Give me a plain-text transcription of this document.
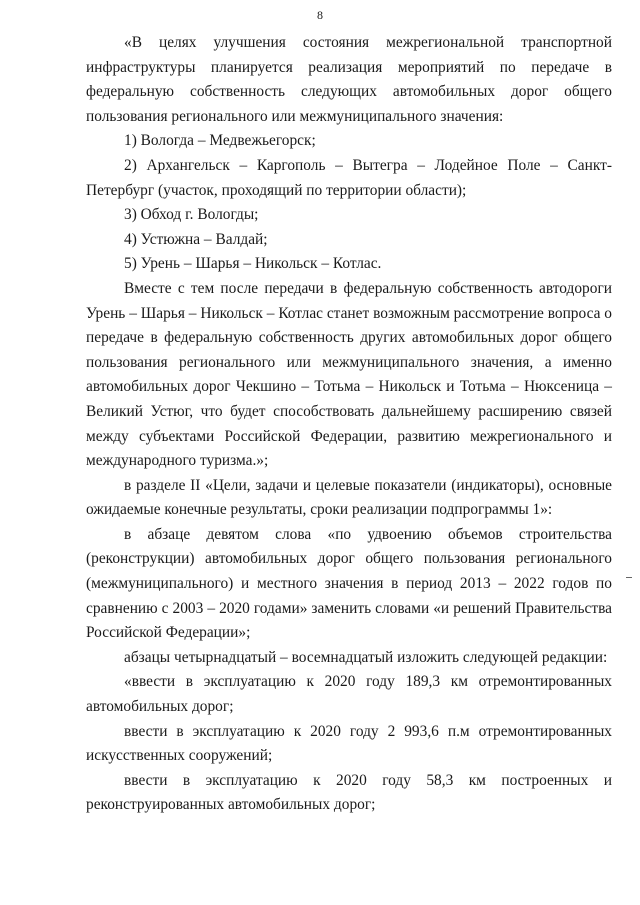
8

«В целях улучшения состояния межрегиональной транспортной инфраструктуры планируется реализация мероприятий по передаче в федеральную собственность следующих автомобильных дорог общего пользования регионального или межмуниципального значения:

1) Вологда – Медвежьегорск;

2) Архангельск – Каргополь – Вытегра – Лодейное Поле – Санкт-Петербург (участок, проходящий по территории области);

3) Обход г. Вологды;

4) Устюжна – Валдай;

5) Урень – Шарья – Никольск – Котлас.

Вместе с тем после передачи в федеральную собственность автодороги Урень – Шарья – Никольск – Котлас станет возможным рассмотрение вопроса о передаче в федеральную собственность других автомобильных дорог общего пользования регионального или межмуниципального значения, а именно автомобильных дорог Чекшино – Тотьма – Никольск и Тотьма – Нюксеница – Великий Устюг, что будет способствовать дальнейшему расширению связей между субъектами Российской Федерации, развитию межрегионального и международного туризма.»;

в разделе II «Цели, задачи и целевые показатели (индикаторы), основные ожидаемые конечные результаты, сроки реализации подпрограммы 1»:

в абзаце девятом слова «по удвоению объемов строительства (реконструкции) автомобильных дорог общего пользования регионального (межмуниципального) и местного значения в период 2013 – 2022 годов по сравнению с 2003 – 2020 годами» заменить словами «и решений Правительства Российской Федерации»;

абзацы четырнадцатый – восемнадцатый изложить следующей редакции:

«ввести в эксплуатацию к 2020 году 189,3 км отремонтированных автомобильных дорог;

ввести в эксплуатацию к 2020 году 2 993,6 п.м отремонтированных искусственных сооружений;

ввести в эксплуатацию к 2020 году 58,3 км построенных и реконструированных автомобильных дорог;
